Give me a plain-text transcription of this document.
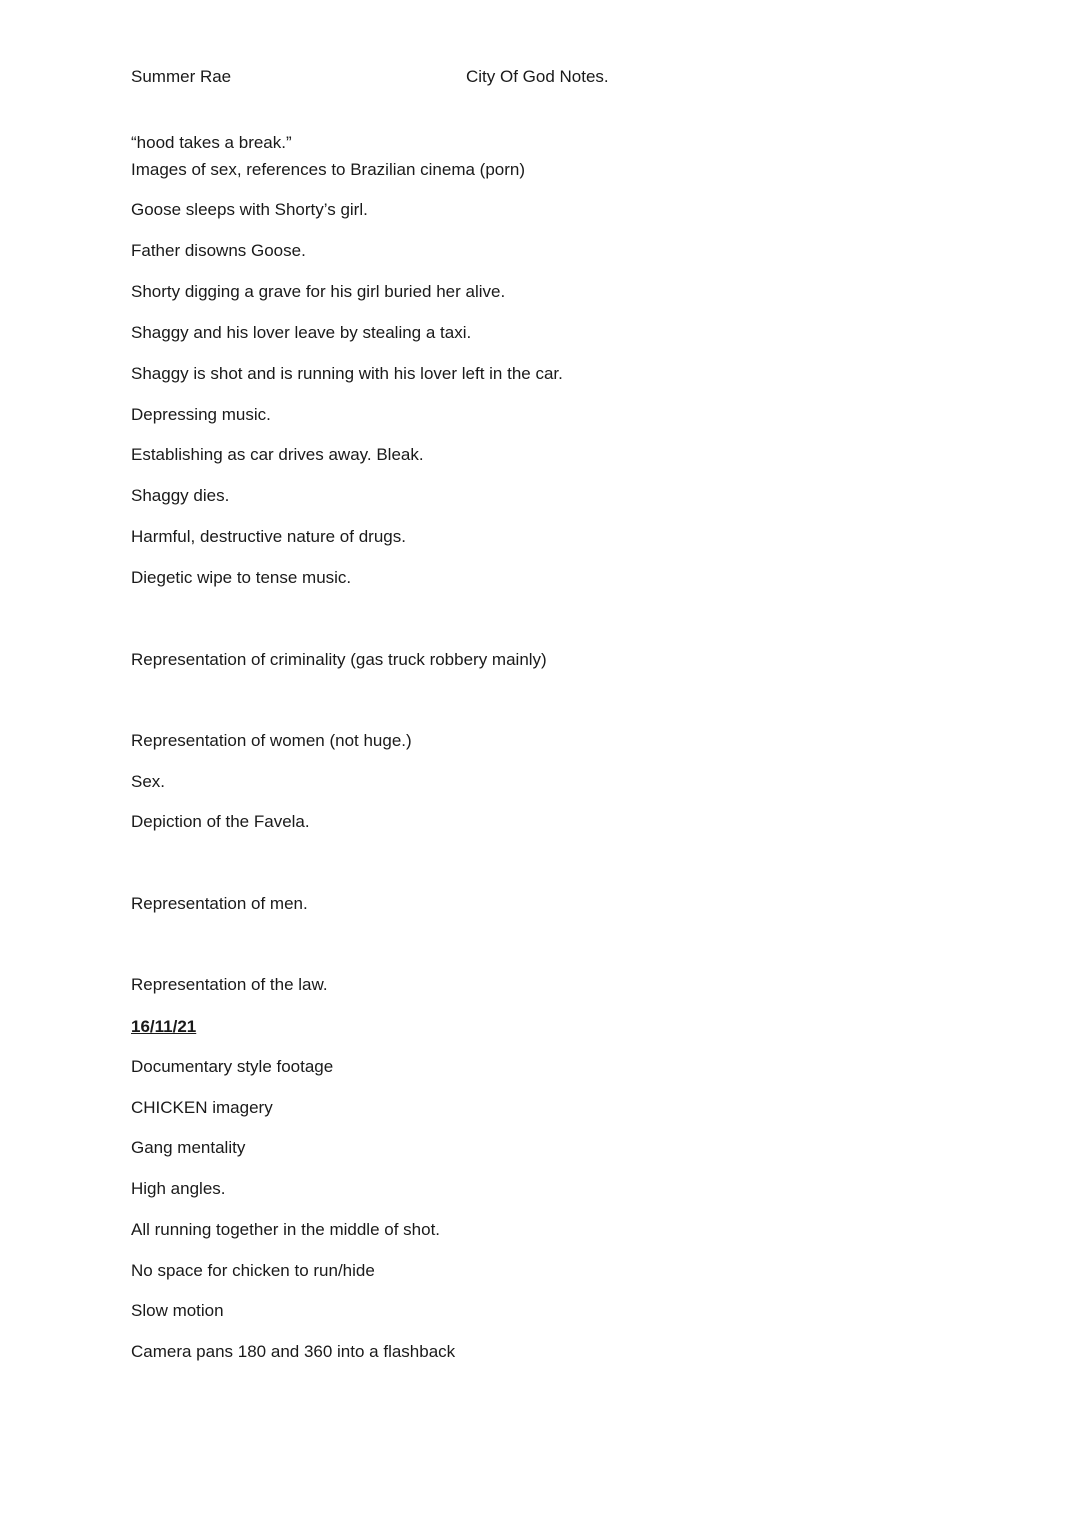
Summer Rae	City Of God Notes.
“hood takes a break.”
Images of sex, references to Brazilian cinema (porn)
Goose sleeps with Shorty’s girl.
Father disowns Goose.
Shorty digging a grave for his girl buried her alive.
Shaggy and his lover leave by stealing a taxi.
Shaggy is shot and is running with his lover left in the car.
Depressing music.
Establishing as car drives away. Bleak.
Shaggy dies.
Harmful, destructive nature of drugs.
Diegetic wipe to tense music.
Representation of criminality (gas truck robbery mainly)
Representation of women (not huge.)
Sex.
Depiction of the Favela.
Representation of men.
Representation of the law.
16/11/21
Documentary style footage
CHICKEN imagery
Gang mentality
High angles.
All running together in the middle of shot.
No space for chicken to run/hide
Slow motion
Camera pans 180 and 360 into a flashback
